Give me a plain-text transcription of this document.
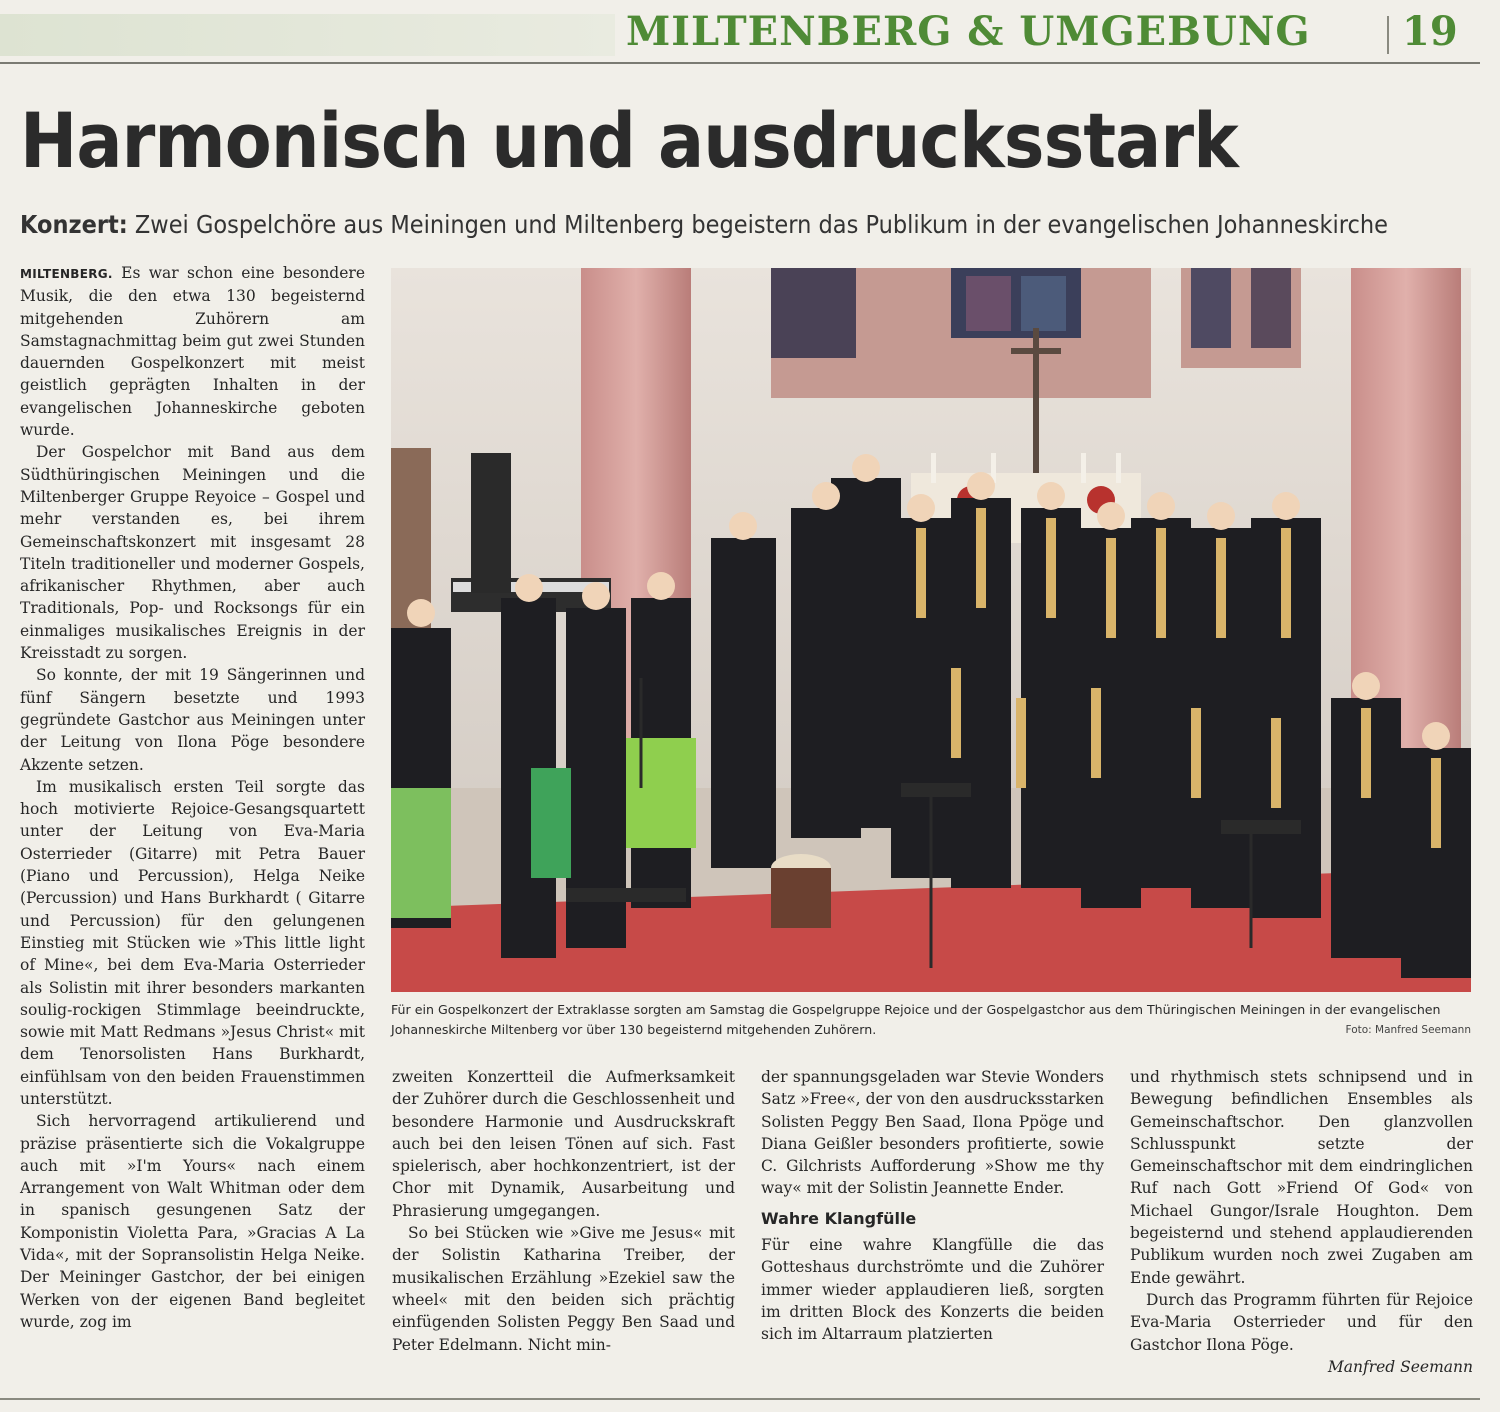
MILTENBERG & UMGEBUNG 19
Harmonisch und ausdrucksstark
Konzert: Zwei Gospelchöre aus Meiningen und Miltenberg begeistern das Publikum in der evangelischen Johanneskirche

MILTENBERG. Es war schon eine besondere Musik, die den etwa 130 begeisternd mitgehenden Zuhörern am Samstagnachmittag beim gut zwei Stunden dauernden Gospelkonzert mit meist geistlich geprägten Inhalten in der evangelischen Johanneskirche geboten wurde.

Der Gospelchor mit Band aus dem Südthüringischen Meiningen und die Miltenberger Gruppe Reyoice – Gospel und mehr verstanden es, bei ihrem Gemeinschaftskonzert mit insgesamt 28 Titeln traditioneller und moderner Gospels, afrikanischer Rhythmen, aber auch Traditionals, Pop- und Rocksongs für ein einmaliges musikalisches Ereignis in der Kreisstadt zu sorgen.

So konnte, der mit 19 Sängerinnen und fünf Sängern besetzte und 1993 gegründete Gastchor aus Meiningen unter der Leitung von Ilona Pöge besondere Akzente setzen.

Im musikalisch ersten Teil sorgte das hoch motivierte Rejoice-Gesangsquartett unter der Leitung von Eva-Maria Osterrieder (Gitarre) mit Petra Bauer (Piano und Percussion), Helga Neike (Percussion) und Hans Burkhardt ( Gitarre und Percussion) für den gelungenen Einstieg mit Stücken wie »This little light of Mine«, bei dem Eva-Maria Osterrieder als Solistin mit ihrer besonders markanten soulig-rockigen Stimmlage beeindruckte, sowie mit Matt Redmans »Jesus Christ« mit dem Tenorsolisten Hans Burkhardt, einfühlsam von den beiden Frauenstimmen unterstützt.

Sich hervorragend artikulierend und präzise präsentierte sich die Vokalgruppe auch mit »I'm Yours« nach einem Arrangement von Walt Whitman oder dem in spanisch gesungenen Satz der Komponistin Violetta Para, »Gracias A La Vida«, mit der Sopransolistin Helga Neike. Der Meininger Gastchor, der bei einigen Werken von der eigenen Band begleitet wurde, zog im

Für ein Gospelkonzert der Extraklasse sorgten am Samstag die Gospelgruppe Rejoice und der Gospelgastchor aus dem Thüringischen Meiningen in der evangelischen Johanneskirche Miltenberg vor über 130 begeisternd mitgehenden Zuhörern.	Foto: Manfred Seemann

zweiten Konzertteil die Aufmerksamkeit der Zuhörer durch die Geschlossenheit und besondere Harmonie und Ausdruckskraft auch bei den leisen Tönen auf sich. Fast spielerisch, aber hochkonzentriert, ist der Chor mit Dynamik, Ausarbeitung und Phrasierung umgegangen.

So bei Stücken wie »Give me Jesus« mit der Solistin Katharina Treiber, der musikalischen Erzählung »Ezekiel saw the wheel« mit den beiden sich prächtig einfügenden Solisten Peggy Ben Saad und Peter Edelmann. Nicht min-

der spannungsgeladen war Stevie Wonders Satz »Free«, der von den ausdrucksstarken Solisten Peggy Ben Saad, Ilona Ppöge und Diana Geißler besonders profitierte, sowie C. Gilchrists Aufforderung »Show me thy way« mit der Solistin Jeannette Ender.

Wahre Klangfülle

Für eine wahre Klangfülle die das Gotteshaus durchströmte und die Zuhörer immer wieder applaudieren ließ, sorgten im dritten Block des Konzerts die beiden sich im Altarraum platzierten

und rhythmisch stets schnipsend und in Bewegung befindlichen Ensembles als Gemeinschaftschor. Den glanzvollen Schlusspunkt setzte der Gemeinschaftschor mit dem eindringlichen Ruf nach Gott »Friend Of God« von Michael Gungor/Israle Houghton. Dem begeisternd und stehend applaudierenden Publikum wurden noch zwei Zugaben am Ende gewährt.

Durch das Programm führten für Rejoice Eva-Maria Osterrieder und für den Gastchor Ilona Pöge.

Manfred Seemann
